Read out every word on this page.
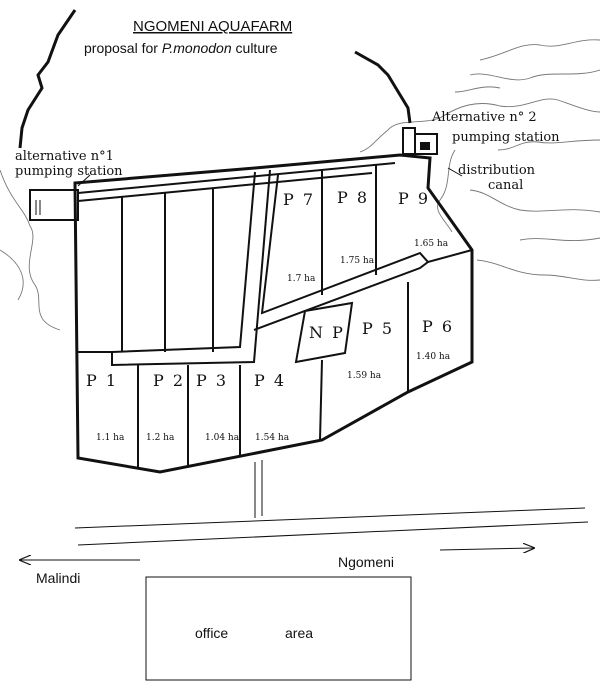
NGOMENI AQUAFARM
proposal for P.monodon culture
alternative n°1
pumping station
Alternative n° 2
pumping station
distribution
canal
P 7 P 8 P 9
N P P 5 P 6
P 1 P 2 P 3 P 4
1.7 ha
1.75 ha
1.65 ha
1.59 ha
1.40 ha
1.1 ha 1.2 ha	1.04 ha 1.54 ha
Malindi
Ngomeni
office	area
